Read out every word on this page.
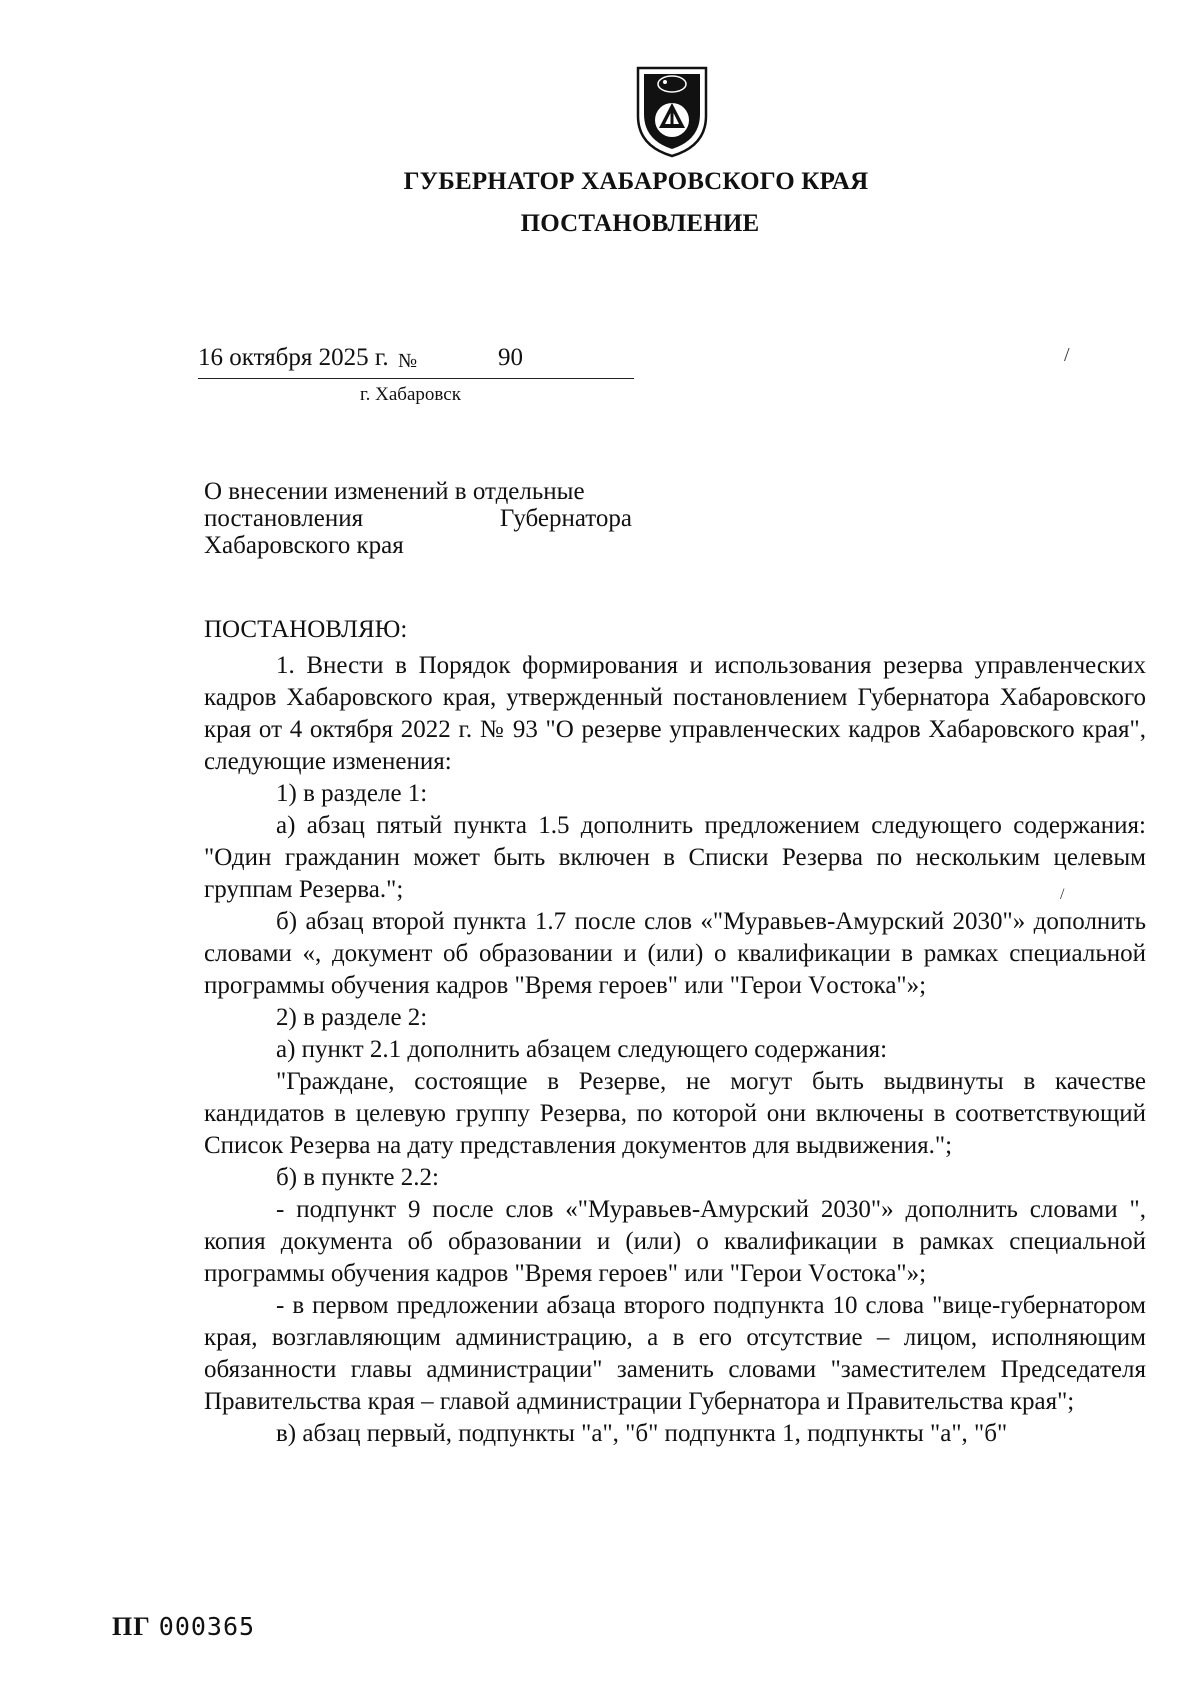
ГУБЕРНАТОР ХАБАРОВСКОГО КРАЯ
ПОСТАНОВЛЕНИЕ
16 октября 2025 г. №	90
г. Хабаровск
/
/
О внесении изменений в отдельные
постановления	Губернатора
Хабаровского края
ПОСТАНОВЛЯЮ:

1. Внести в Порядок формирования и использования резерва управленческих кадров Хабаровского края, утвержденный постановлением Губернатора Хабаровского края от 4 октября 2022 г. № 93 "О резерве управленческих кадров Хабаровского края", следующие изменения:

1) в разделе 1:

а) абзац пятый пункта 1.5 дополнить предложением следующего содержания: "Один гражданин может быть включен в Списки Резерва по нескольким целевым группам Резерва.";

б) абзац второй пункта 1.7 после слов «"Муравьев-Амурский 2030"» дополнить словами «, документ об образовании и (или) о квалификации в рамках специальной программы обучения кадров "Время героев" или "Герои Vостока"»;

2) в разделе 2:

а) пункт 2.1 дополнить абзацем следующего содержания:

"Граждане, состоящие в Резерве, не могут быть выдвинуты в качестве кандидатов в целевую группу Резерва, по которой они включены в соответствующий Список Резерва на дату представления документов для выдвижения.";

б) в пункте 2.2:

- подпункт 9 после слов «"Муравьев-Амурский 2030"» дополнить словами ", копия документа об образовании и (или) о квалификации в рамках специальной программы обучения кадров "Время героев" или "Герои Vостока"»;

- в первом предложении абзаца второго подпункта 10 слова "вице-губернатором края, возглавляющим администрацию, а в его отсутствие – лицом, исполняющим обязанности главы администрации" заменить словами "заместителем Председателя Правительства края – главой администрации Губернатора и Правительства края";

в) абзац первый, подпункты "а", "б" подпункта 1, подпункты "а", "б"

ПГ 000365
